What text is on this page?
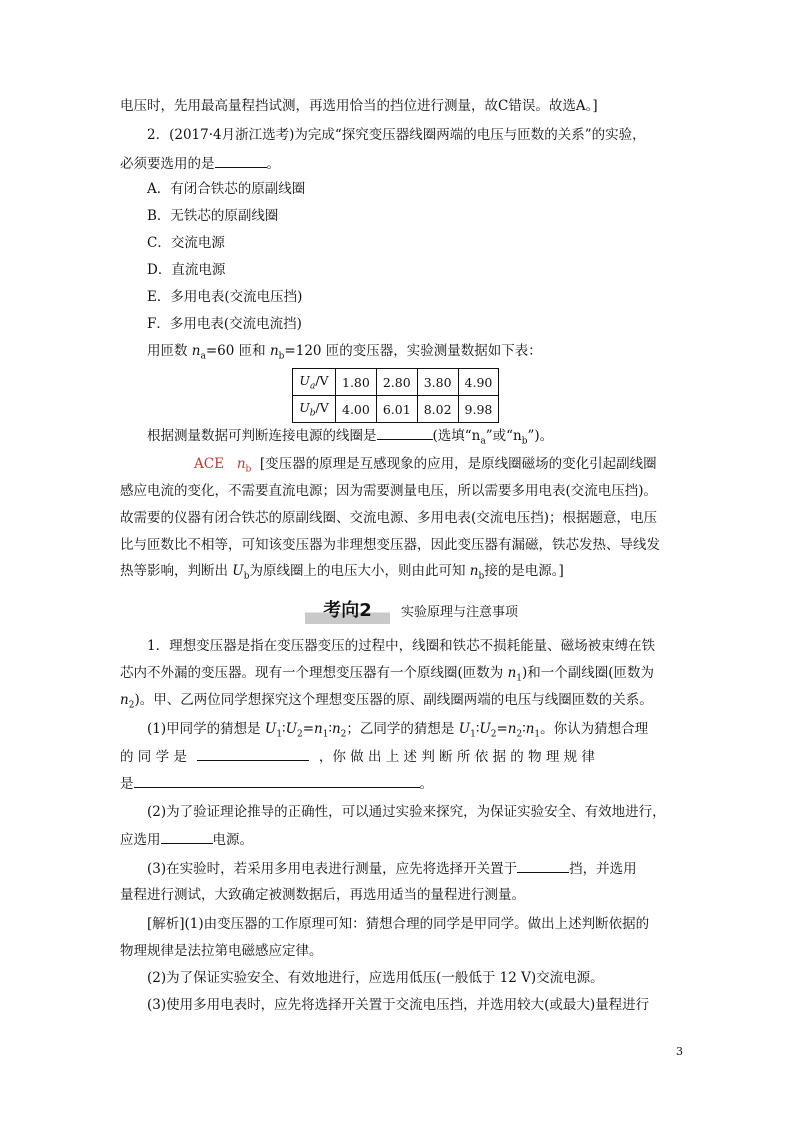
电压时，先用最高量程挡试测，再选用恰当的挡位进行测量，故C错误。故选A。]
2．(2017·4月浙江选考)为完成“探究变压器线圈两端的电压与匝数的关系”的实验，
必须要选用的是	。
A．有闭合铁芯的原副线圈
B．无铁芯的原副线圈
C．交流电源
D．直流电源
E．多用电表(交流电压挡)
F．多用电表(交流电流挡)
用匝数 $n_a=60$ 匝和 $n_b=120$ 匝的变压器，实验测量数据如下表：
$U_a/V$	1.80	2.80	3.80	4.90
$U_b/V$	4.00	6.01	8.02	9.98
根据测量数据可判断连接电源的线圈是	(选填“$n_a$”或“$n_b$”)。
ACE $n_b$ [变压器的原理是互感现象的应用，是原线圈磁场的变化引起副线圈
感应电流的变化，不需要直流电源；因为需要测量电压，所以需要多用电表(交流电压挡)。
故需要的仪器有闭合铁芯的原副线圈、交流电源、多用电表(交流电压挡)；根据题意，电压
比与匝数比不相等，可知该变压器为非理想变压器，因此变压器有漏磁，铁芯发热、导线发
热等影响，判断出 $U_b$为原线圈上的电压大小，则由此可知 $n_b$接的是电源。]
考向2	实验原理与注意事项
1．理想变压器是指在变压器变压的过程中，线圈和铁芯不损耗能量、磁场被束缚在铁
芯内不外漏的变压器。现有一个理想变压器有一个原线圈(匝数为 $n_1$)和一个副线圈(匝数为
$n_2$)。甲、乙两位同学想探究这个理想变压器的原、副线圈两端的电压与线圈匝数的关系。
(1)甲同学的猜想是 $U_1∶U_2=n_1∶n_2$；乙同学的猜想是 $U_1∶U_2=n_2∶n_1$。你认为猜想合理
的 同 学 是	，你 做 出 上 述 判 断 所 依 据 的 物 理 规 律
是	。
(2)为了验证理论推导的正确性，可以通过实验来探究，为保证实验安全、有效地进行，
应选用	电源。
(3)在实验时，若采用多用电表进行测量，应先将选择开关置于	挡，并选用
量程进行测试，大致确定被测数据后，再选用适当的量程进行测量。
[解析](1)由变压器的工作原理可知：猜想合理的同学是甲同学。做出上述判断依据的
物理规律是法拉第电磁感应定律。
(2)为了保证实验安全、有效地进行，应选用低压(一般低于 12 V)交流电源。
(3)使用多用电表时，应先将选择开关置于交流电压挡，并选用较大(或最大)量程进行
3
